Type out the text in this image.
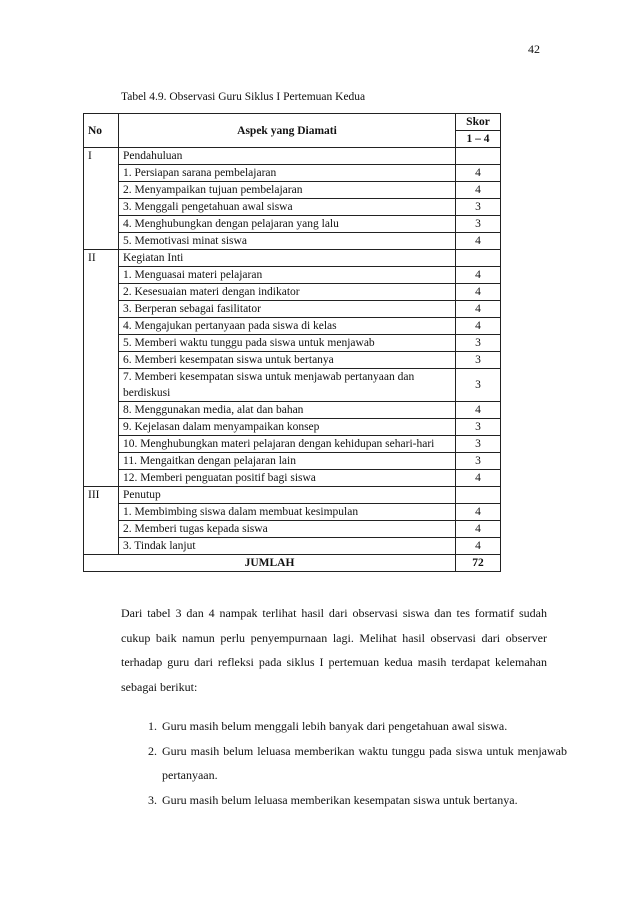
42
Tabel 4.9. Observasi Guru Siklus I Pertemuan Kedua
No	Aspek yang Diamati	Skor
		1 – 4
I	Pendahuluan	
	1. Persiapan sarana pembelajaran	4
	2. Menyampaikan tujuan pembelajaran	4
	3. Menggali pengetahuan awal siswa	3
	4. Menghubungkan dengan pelajaran yang lalu	3
	5. Memotivasi minat siswa	4
II	Kegiatan Inti	
	1. Menguasai materi pelajaran	4
	2. Kesesuaian materi dengan indikator	4
	3. Berperan sebagai fasilitator	4
	4. Mengajukan pertanyaan pada siswa di kelas	4
	5. Memberi waktu tunggu pada siswa untuk menjawab	3
	6. Memberi kesempatan siswa untuk bertanya	3
	7. Memberi kesempatan siswa untuk menjawab pertanyaan dan berdiskusi	3
	8. Menggunakan media, alat dan bahan	4
	9. Kejelasan dalam menyampaikan konsep	3
	10. Menghubungkan materi pelajaran dengan kehidupan sehari-hari	3
	11. Mengaitkan dengan pelajaran lain	3
	12. Memberi penguatan positif bagi siswa	4
III	Penutup	
	1. Membimbing siswa dalam membuat kesimpulan	4
	2. Memberi tugas kepada siswa	4
	3. Tindak lanjut	4
JUMLAH		72
Dari tabel 3 dan 4 nampak terlihat hasil dari observasi siswa dan tes formatif sudah cukup baik namun perlu penyempurnaan lagi. Melihat hasil observasi dari observer terhadap guru dari refleksi pada siklus I pertemuan kedua masih terdapat kelemahan sebagai berikut:
1. Guru masih belum menggali lebih banyak dari pengetahuan awal siswa.
2. Guru masih belum leluasa memberikan waktu tunggu pada siswa untuk menjawab pertanyaan.
3. Guru masih belum leluasa memberikan kesempatan siswa untuk bertanya.
